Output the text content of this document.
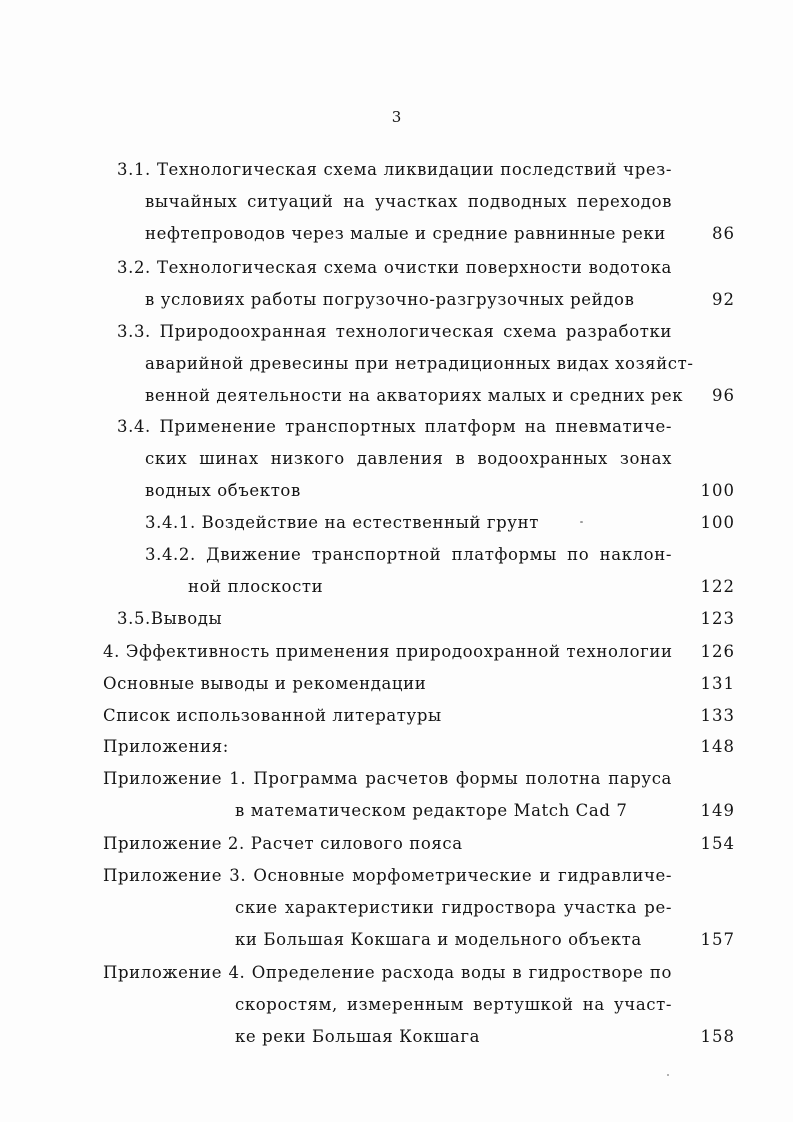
3
3.1. Технологическая схема ликвидации последствий чрез-
вычайных ситуаций на участках подводных переходов
нефтепроводов через малые и средние равнинные реки	86
3.2. Технологическая схема очистки поверхности водотока
в условиях работы погрузочно-разгрузочных рейдов	92
3.3. Природоохранная технологическая схема разработки
аварийной древесины при нетрадиционных видах хозяйст-
венной деятельности на акваториях малых и средних рек	96
3.4. Применение транспортных платформ на пневматиче-
ских шинах низкого давления в водоохранных зонах
водных объектов	100
3.4.1. Воздействие на естественный грунт	100
3.4.2. Движение транспортной платформы по наклон-
ной плоскости	122
3.5.Выводы	123
4. Эффективность применения природоохранной технологии	126
Основные выводы и рекомендации	131
Список использованной литературы	133
Приложения:	148
Приложение 1. Программа расчетов формы полотна паруса
в математическом редакторе Match Cad 7	149
Приложение 2. Расчет силового пояса	154
Приложение 3. Основные морфометрические и гидравличе-
ские характеристики гидроствора участка ре-
ки Большая Кокшага и модельного объекта	157
Приложение 4. Определение расхода воды в гидростворе по
скоростям, измеренным вертушкой на участ-
ке реки Большая Кокшага	158
